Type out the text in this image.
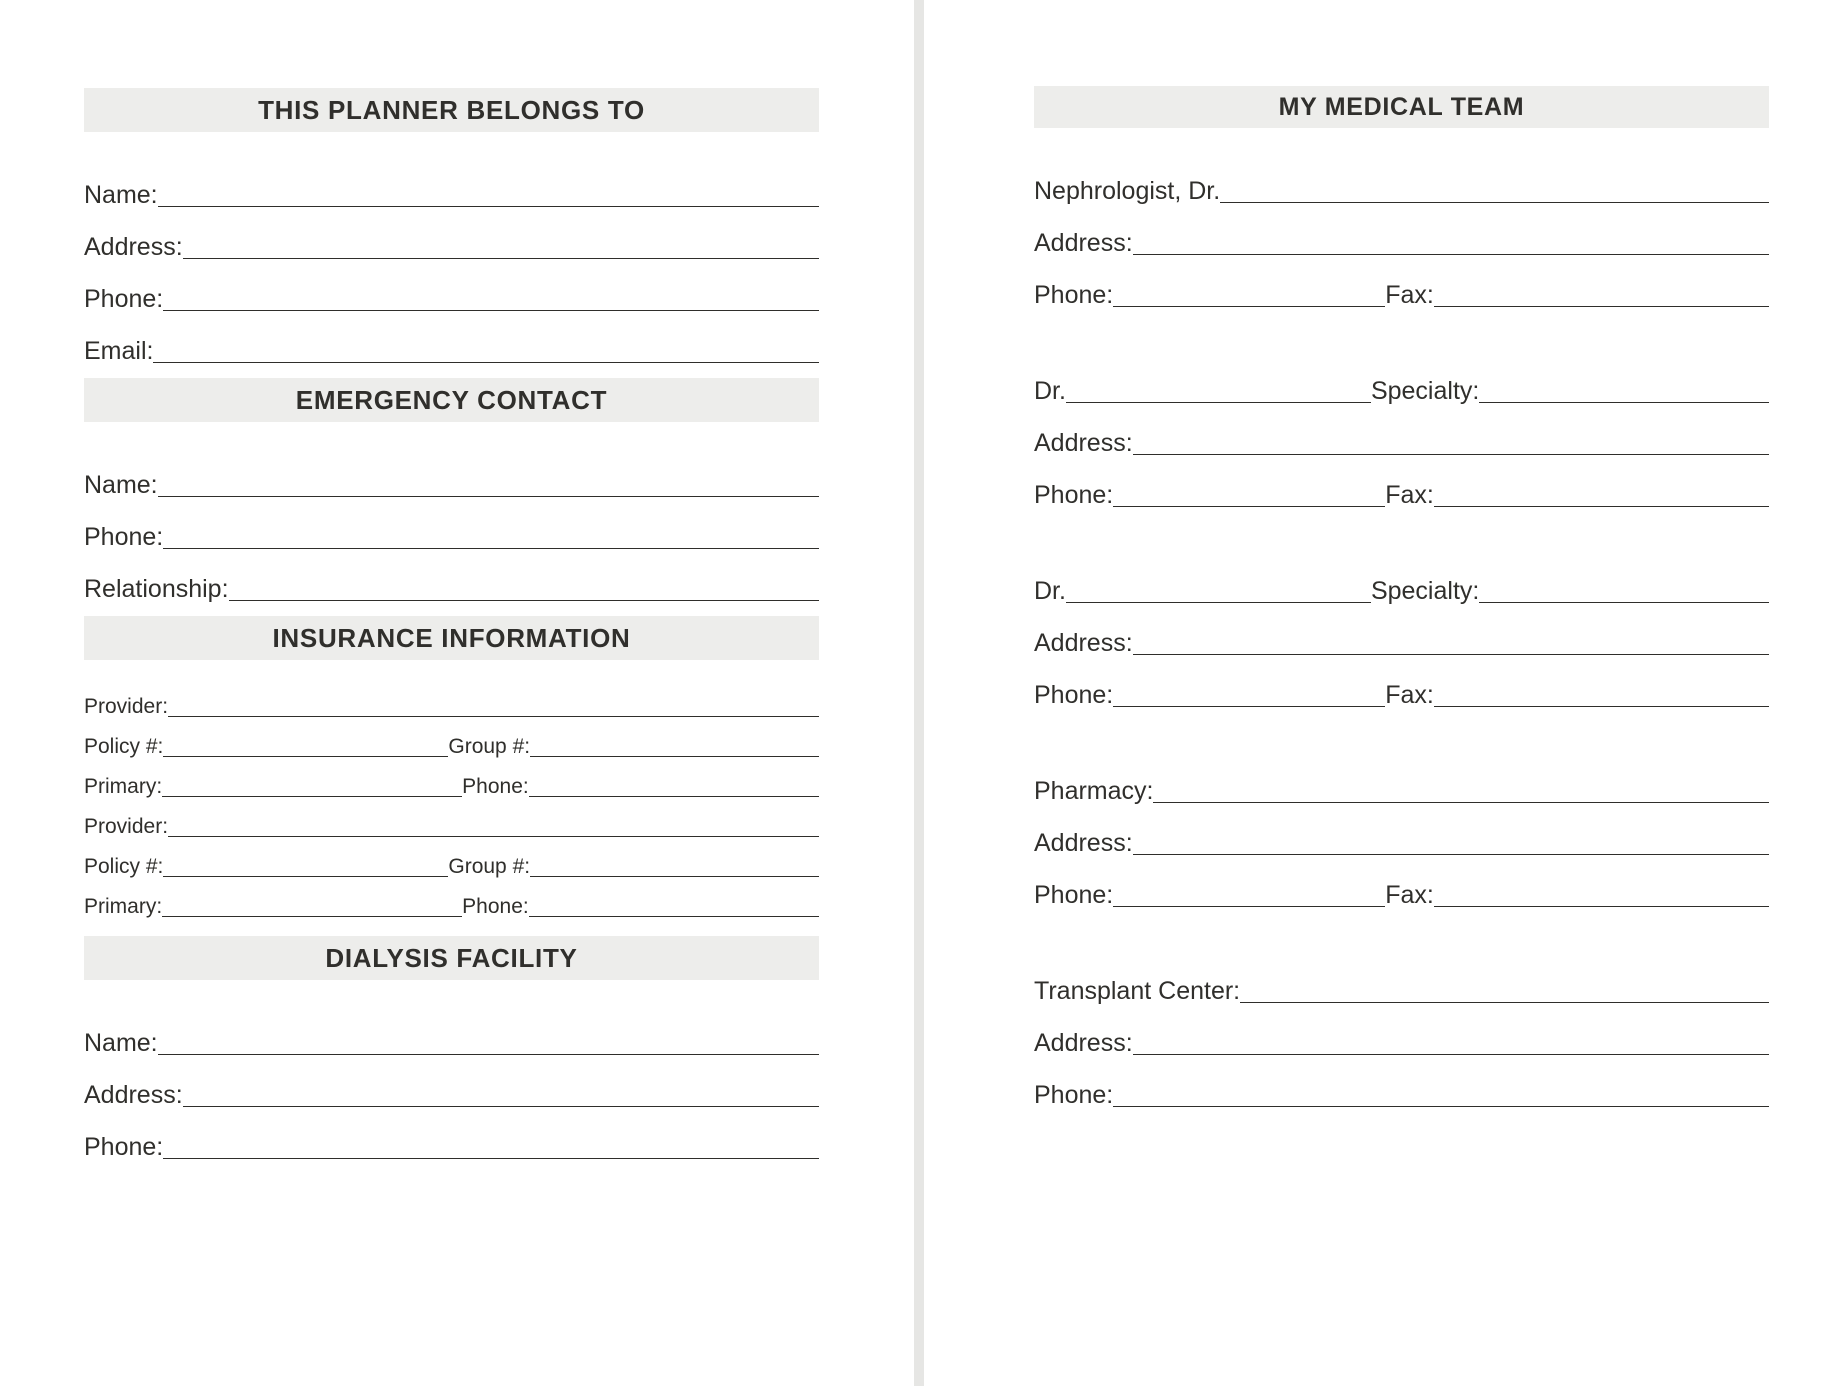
THIS PLANNER BELONGS TO
Name:
Address:
Phone:
Email:
EMERGENCY CONTACT
Name:
Phone:
Relationship:
INSURANCE INFORMATION
Provider:
Policy #:	Group #:
Primary:	Phone:
Provider:
Policy #:	Group #:
Primary:	Phone:
DIALYSIS FACILITY
Name:
Address:
Phone:
MY MEDICAL TEAM
Nephrologist, Dr.
Address:
Phone:	Fax:
Dr.	Specialty:
Address:
Phone:	Fax:
Dr.	Specialty:
Address:
Phone:	Fax:
Pharmacy:
Address:
Phone:	Fax:
Transplant Center:
Address:
Phone:
